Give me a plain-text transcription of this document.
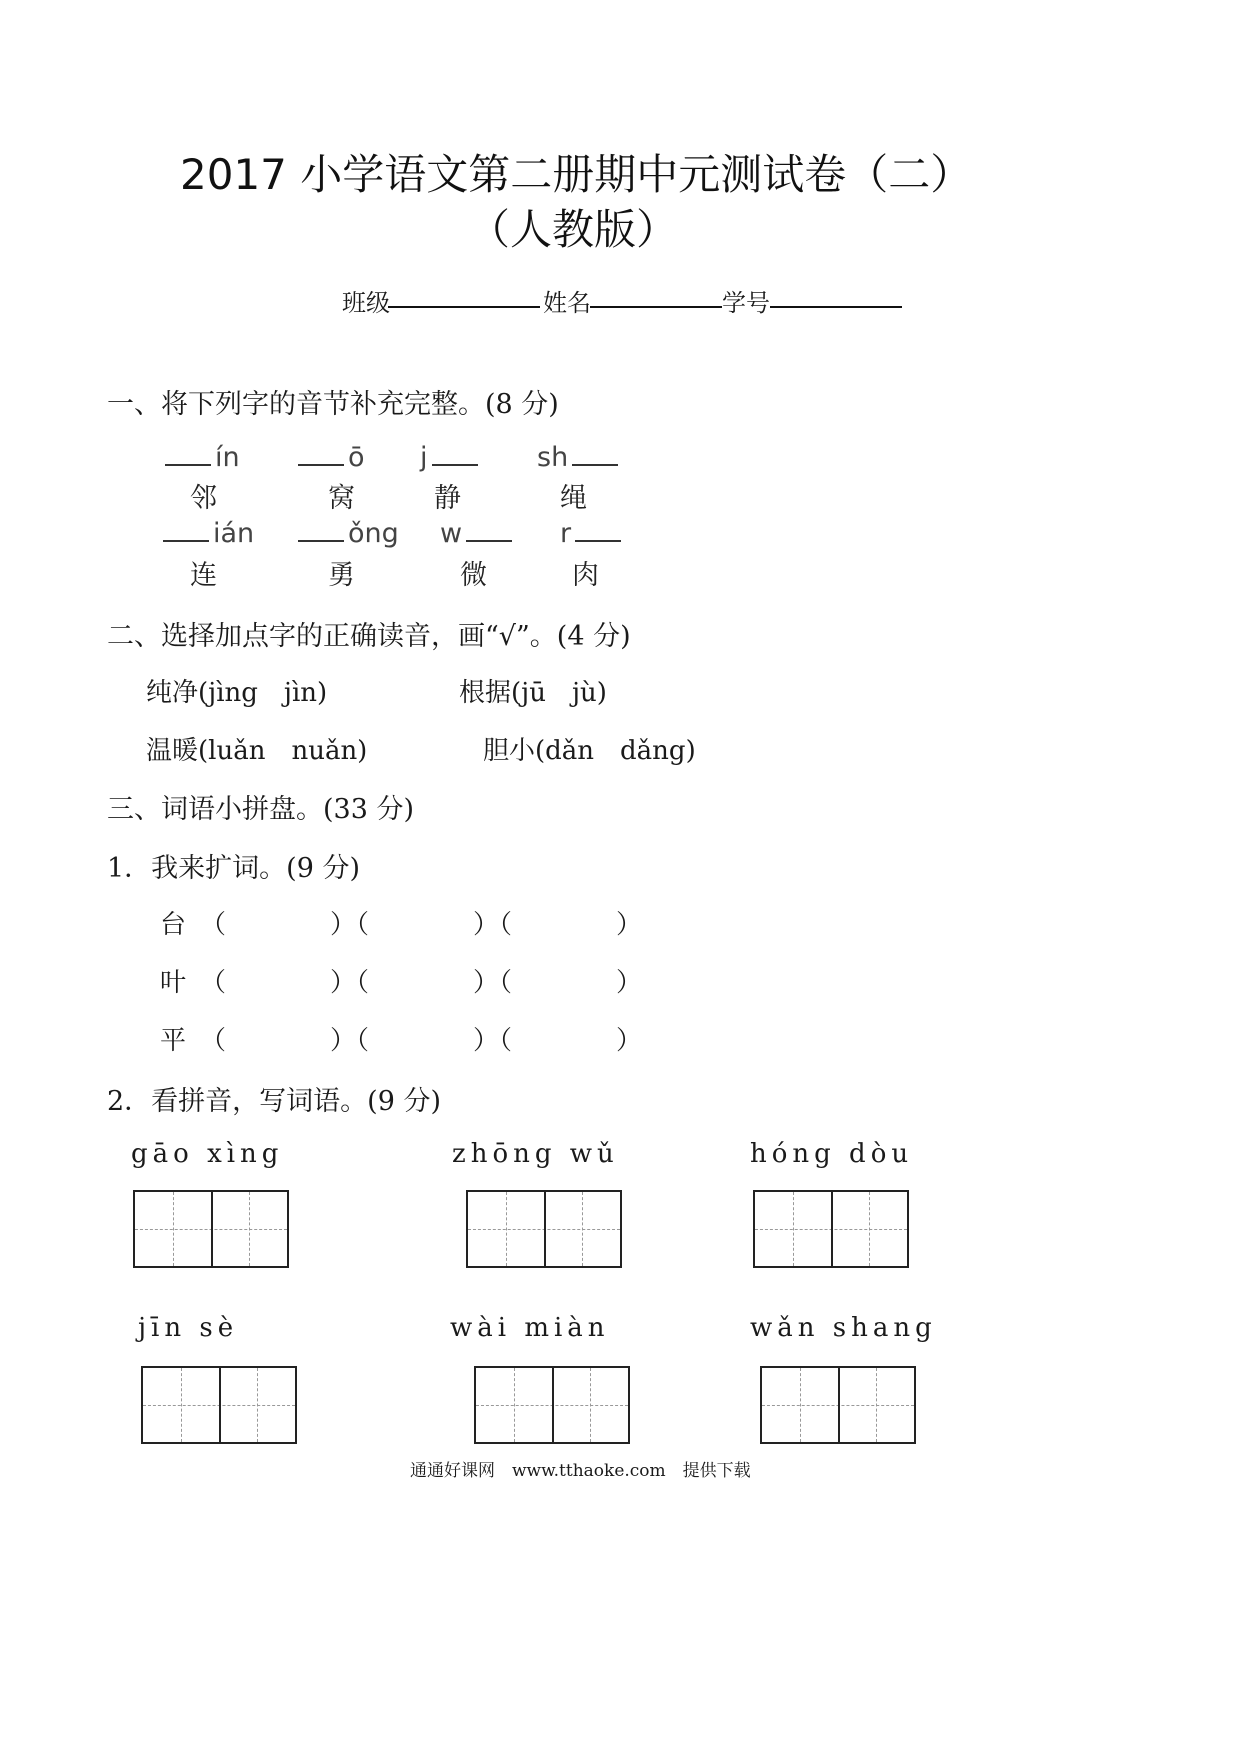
2017 小学语文第二册期中元测试卷（二）
（人教版）
班级	姓名	学号
一、将下列字的音节补充完整。(8 分)
ín	ō j	sh
邻	窝	静	绳
ián	ǒng w	r
连	勇	微	肉
二、选择加点字的正确读音，画“√”。(4 分)
纯净(jìng　jìn)	根据(jū　jù)
温暖(luǎn　nuǎn)	胆小(dǎn　dǎng)
三、词语小拼盘。(33 分)
1．我来扩词。(9 分)
台 （　　　　）（　　　　）（　　　　）
叶 （　　　　）（　　　　）（　　　　）
平 （　　　　）（　　　　）（　　　　）
2．看拼音，写词语。(9 分)
gāo xìng	zhōng wǔ	hóng dòu
jīn sè	wài miàn	wǎn shang
通通好课网　www.tthaoke.com　提供下载
